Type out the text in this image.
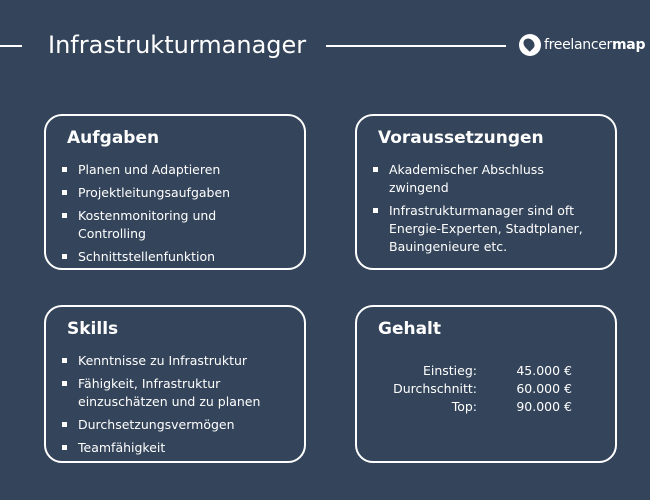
Infrastrukturmanager	freelancermap
Aufgaben
Planen und Adaptieren
Projektleitungsaufgaben
Kostenmonitoring und Controlling
Schnittstellenfunktion
Voraussetzungen
Akademischer Abschluss zwingend
Infrastrukturmanager sind oft Energie-Experten, Stadtplaner, Bauingenieure etc.
Skills
Kenntnisse zu Infrastruktur
Fähigkeit, Infrastruktur einzuschätzen und zu planen
Durchsetzungsvermögen
Teamfähigkeit
Gehalt
Einstieg:	45.000 €
Durchschnitt:	60.000 €
Top:	90.000 €
